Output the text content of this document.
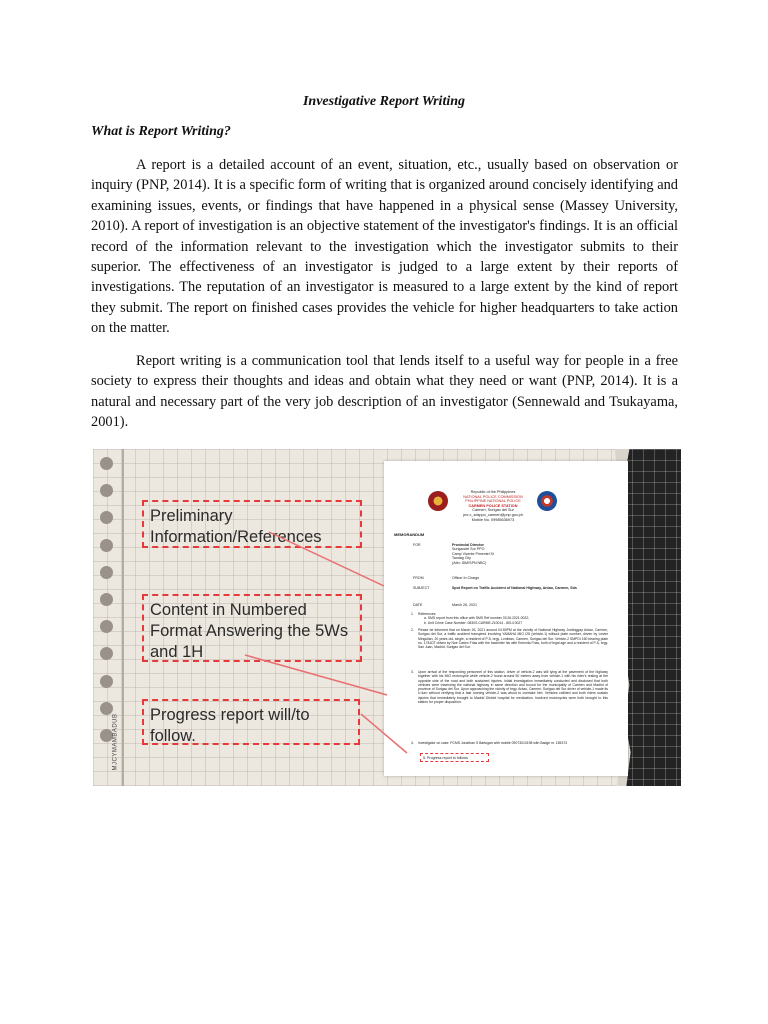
Investigative Report Writing
What is Report Writing?

A report is a detailed account of an event, situation, etc., usually based on observation or inquiry (PNP, 2014). It is a specific form of writing that is organized around concisely identifying and examining issues, events, or findings that have happened in a physical sense (Massey University, 2010). A report of investigation is an objective statement of the investigator's findings. It is an official record of the information relevant to the investigation which the investigator submits to their superior. The effectiveness of an investigator is judged to a large extent by their reports of investigations. The reputation of an investigator is measured to a large extent by the kind of report they submit. The report on finished cases provides the vehicle for higher headquarters to take action on the matter.

Report writing is a communication tool that lends itself to a useful way for people in a free society to express their thoughts and ideas and obtain what they need or want (PNP, 2014). It is a natural and necessary part of the very job description of an investigator (Sennewald and Tsukayama, 2001).

MJCYMAMBADUB
Preliminary Information/References
Content in Numbered Format Answering the 5Ws and 1H
Progress report will/to follow.
Republic of the Philippines
NATIONAL POLICE COMMISSION
PHILIPPINE NATIONAL POLICE
CARMEN POLICE STATION
Carmen, Surigao del Sur
pnr.c_sdsppo_carmen@pnp.gov.ph
Mobile No. 09985636973
MEMORANDUM
FOR	Provincial Director
Surigaodel Sur PPO
Camp Vicente Pimentel Sr
Tandag City
(Attn: IDM/SPN NBC)
FROM	Officer In Charge
SUBJECT	Spot Report on Traffic Accident of National Highway, Antao, Carmen, Sds
DATE	March 26, 2021
1. References:
a. SMS report from this office with SMS Ref number 03.26.2021.0022;
b. Unit Crime Case Number: 0830S-CARME-210014 - 8014 0027
2. Please be informed that on March 26, 2021 around 04:50PM at the vicinity of National Highway Jordinggay Antao, Carmen, Surigao del Sur, a traffic accident transpired involving YAMAHA MIO I25 (vehicle-1) without plate number, driven by Lester Mingullan, 20 years old, single, a resident of P-5, brgy. Lombian, Carmen, Surigao del Sur. Vehicle-2 SMPDI 150 bearing plate no. 1781DT driven by Noe Castro Frias with the backrider his wife Emenita Frias, both of legal age and a resident of P-5, brgy. San Juan, Madrid, Surigao del Sur.
3. Upon arrival of the responding personnel of this station, driver of vehicle-2 was still lying at the pavement of the highway together with his MIO motorcycle while vehicle-2 found around 50 meters away from vehicle-1 with his rider's resting at the opposite side of the road and both sustained injuries. Initial investigation immediately conducted and disclosed that both vehicles were traversing the national highway in same direction and bound for the municipality of Carmen and Madrid of province of Surigao del Sur. Upon approaching the vicinity of brgy. Antao, Carmen, Surigao del Sur driver of vehicle-1 made its U-turn without verifying that a fast running vehicle-2 was about to overtake him. Vehicles collided and both riders sustain injuries that immediately brought to Madrid District hospital for medication. Involved motorcycles were both brought to this station for proper disposition.
4. Investigator on case: PCMS Jonathan S Bartugan with mobile 09073010198 with Badge nr. 155373
5. Progress report to follows
